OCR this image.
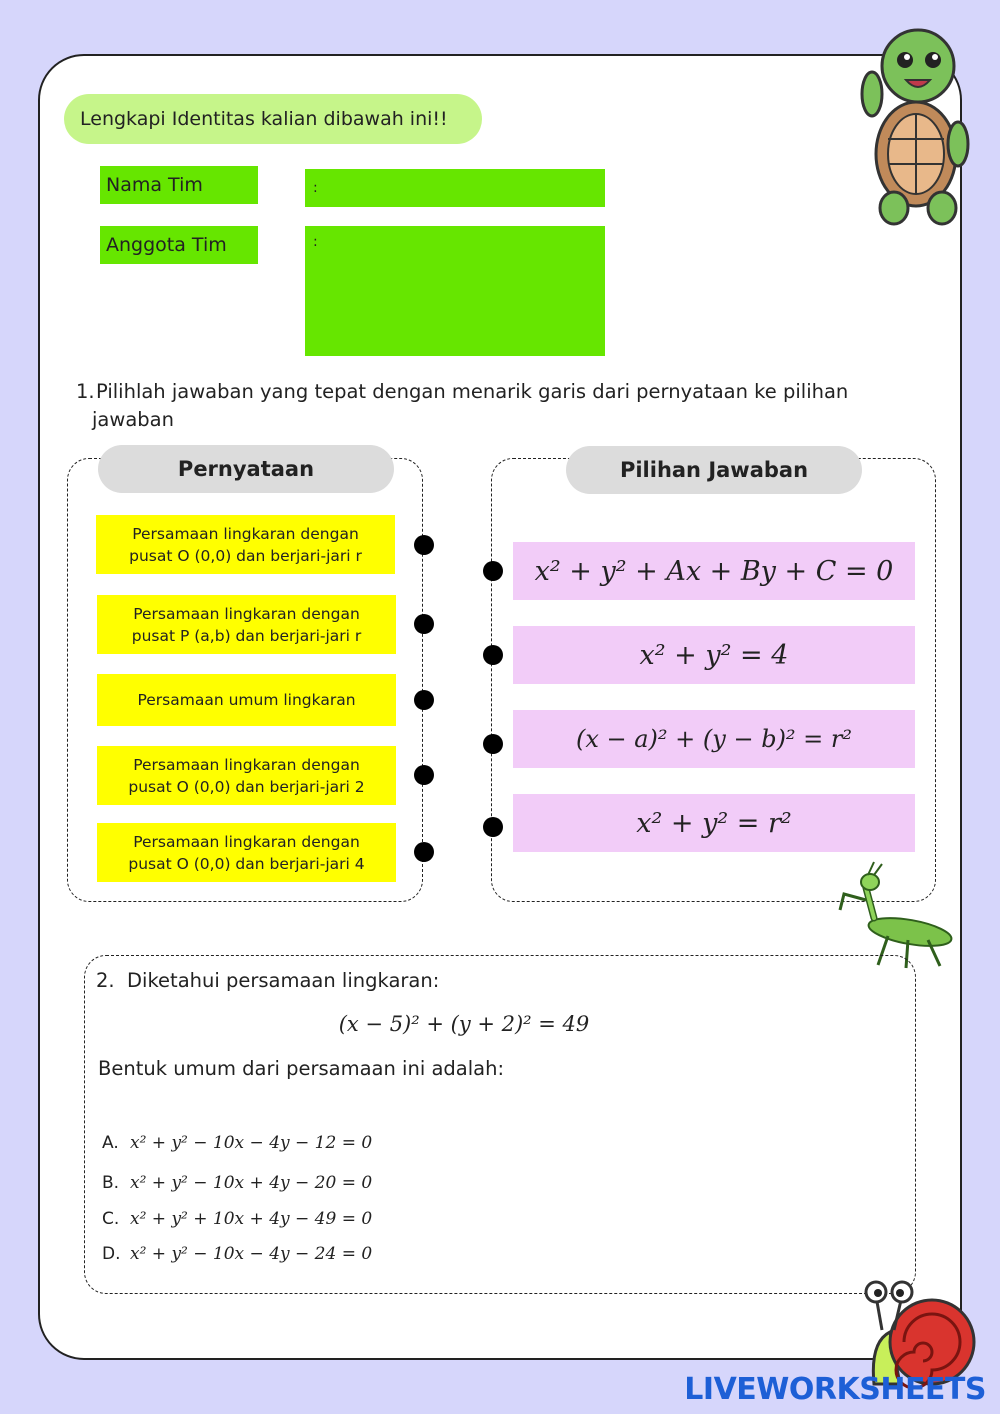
Lengkapi Identitas kalian dibawah ini!!
Nama Tim
:
Anggota Tim
:
1.Pilihlah jawaban yang tepat dengan menarik garis dari pernyataan ke pilihan
jawaban
Pernyataan	Pilihan Jawaban
Persamaan lingkaran dengan
pusat O (0,0) dan berjari-jari r
Persamaan lingkaran dengan
pusat P (a,b) dan berjari-jari r
Persamaan umum lingkaran
Persamaan lingkaran dengan
pusat O (0,0) dan berjari-jari 2
Persamaan lingkaran dengan
pusat O (0,0) dan berjari-jari 4
x² + y² + Ax + By + C = 0
x² + y² = 4
(x − a)² + (y − b)² = r²
x² + y² = r²
2. Diketahui persamaan lingkaran:
(x − 5)² + (y + 2)² = 49
Bentuk umum dari persamaan ini adalah:
A. x² + y² − 10x − 4y − 12 = 0
B. x² + y² − 10x + 4y − 20 = 0
C. x² + y² + 10x + 4y − 49 = 0
D. x² + y² − 10x − 4y − 24 = 0
LIVEWORKSHEETS
